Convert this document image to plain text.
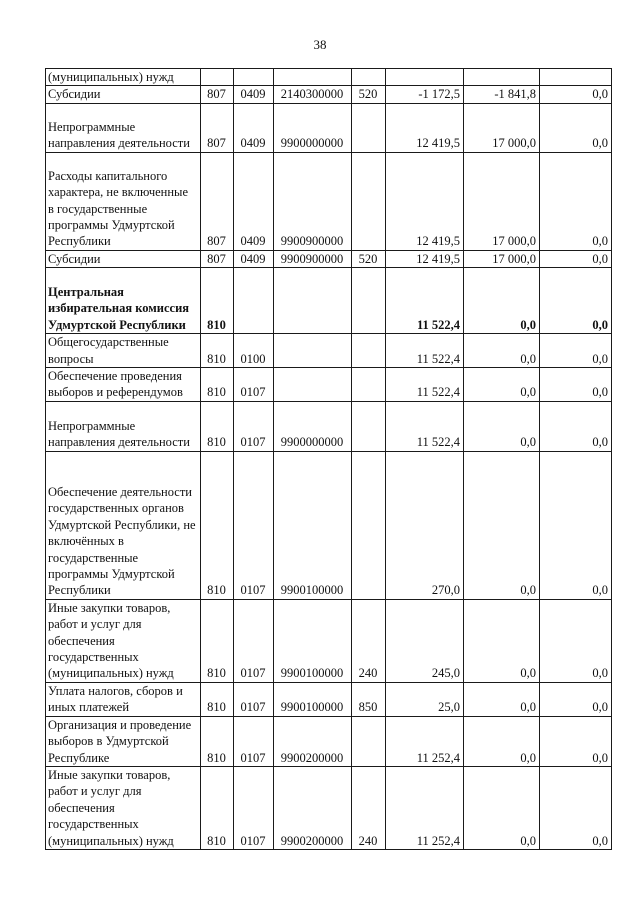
38
(муниципальных) нужд							
Субсидии	807	0409	2140300000	520	-1 172,5	-1 841,8	0,0
Непрограммные направления деятельности	807	0409	9900000000		12 419,5	17 000,0	0,0
Расходы капитального характера, не включенные в государственные программы Удмуртской Республики	807	0409	9900900000		12 419,5	17 000,0	0,0
Субсидии	807	0409	9900900000	520	12 419,5	17 000,0	0,0
Центральная избирательная комиссия Удмуртской Республики	810				11 522,4	0,0	0,0
Общегосударственные вопросы	810	0100			11 522,4	0,0	0,0
Обеспечение проведения выборов и референдумов	810	0107			11 522,4	0,0	0,0
Непрограммные направления деятельности	810	0107	9900000000		11 522,4	0,0	0,0
Обеспечение деятельности государственных органов Удмуртской Республики, не включённых в государственные программы Удмуртской Республики	810	0107	9900100000		270,0	0,0	0,0
Иные закупки товаров, работ и услуг для обеспечения государственных (муниципальных) нужд	810	0107	9900100000	240	245,0	0,0	0,0
Уплата налогов, сборов и иных платежей	810	0107	9900100000	850	25,0	0,0	0,0
Организация и проведение выборов в Удмуртской Республике	810	0107	9900200000		11 252,4	0,0	0,0
Иные закупки товаров, работ и услуг для обеспечения государственных (муниципальных) нужд	810	0107	9900200000	240	11 252,4	0,0	0,0
